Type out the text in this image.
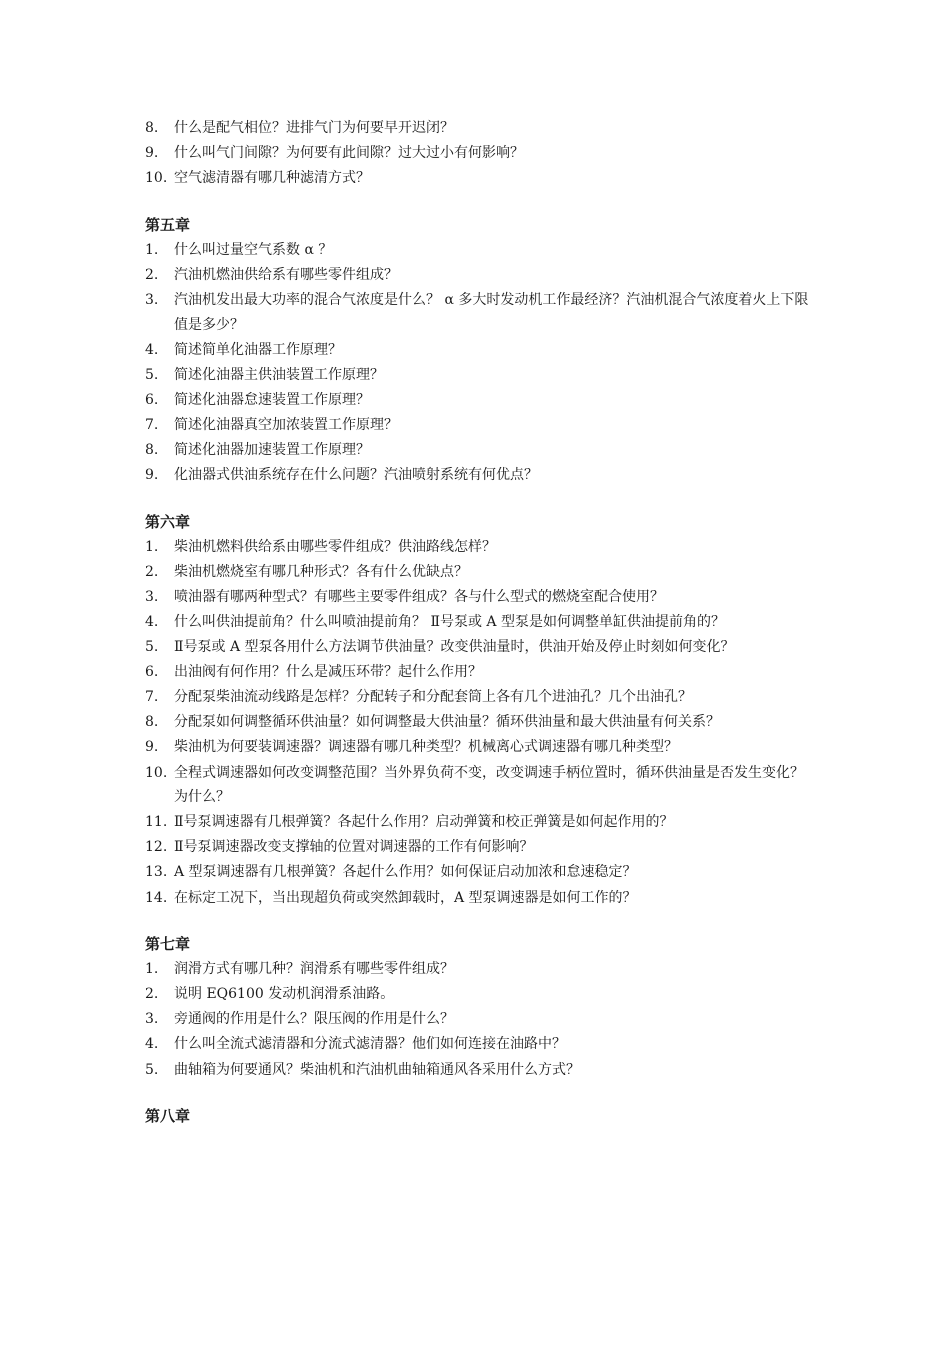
8. 什么是配气相位？进排气门为何要早开迟闭？
9. 什么叫气门间隙？为何要有此间隙？过大过小有何影响？
10. 空气滤清器有哪几种滤清方式？
第五章
1. 什么叫过量空气系数 α ？
2. 汽油机燃油供给系有哪些零件组成？
3. 汽油机发出最大功率的混合气浓度是什么？ α 多大时发动机工作最经济？汽油机混合气浓度着火上下限值是多少？
4. 简述简单化油器工作原理？
5. 简述化油器主供油装置工作原理？
6. 简述化油器怠速装置工作原理？
7. 简述化油器真空加浓装置工作原理？
8. 简述化油器加速装置工作原理？
9. 化油器式供油系统存在什么问题？汽油喷射系统有何优点？
第六章
1. 柴油机燃料供给系由哪些零件组成？供油路线怎样？
2. 柴油机燃烧室有哪几种形式？各有什么优缺点？
3. 喷油器有哪两种型式？有哪些主要零件组成？各与什么型式的燃烧室配合使用？
4. 什么叫供油提前角？什么叫喷油提前角？ Ⅱ号泵或 A 型泵是如何调整单缸供油提前角的？
5. Ⅱ号泵或 A 型泵各用什么方法调节供油量？改变供油量时，供油开始及停止时刻如何变化？
6. 出油阀有何作用？什么是减压环带？起什么作用？
7. 分配泵柴油流动线路是怎样？分配转子和分配套筒上各有几个进油孔？几个出油孔？
8. 分配泵如何调整循环供油量？如何调整最大供油量？循环供油量和最大供油量有何关系？
9. 柴油机为何要装调速器？调速器有哪几种类型？机械离心式调速器有哪几种类型？
10. 全程式调速器如何改变调整范围？当外界负荷不变，改变调速手柄位置时，循环供油量是否发生变化？为什么？
11. Ⅱ号泵调速器有几根弹簧？各起什么作用？启动弹簧和校正弹簧是如何起作用的？
12. Ⅱ号泵调速器改变支撑轴的位置对调速器的工作有何影响？
13. A 型泵调速器有几根弹簧？各起什么作用？如何保证启动加浓和怠速稳定？
14. 在标定工况下，当出现超负荷或突然卸载时，A 型泵调速器是如何工作的？
第七章
1. 润滑方式有哪几种？润滑系有哪些零件组成？
2. 说明 EQ6100 发动机润滑系油路。
3. 旁通阀的作用是什么？限压阀的作用是什么？
4. 什么叫全流式滤清器和分流式滤清器？他们如何连接在油路中？
5. 曲轴箱为何要通风？柴油机和汽油机曲轴箱通风各采用什么方式？
第八章
